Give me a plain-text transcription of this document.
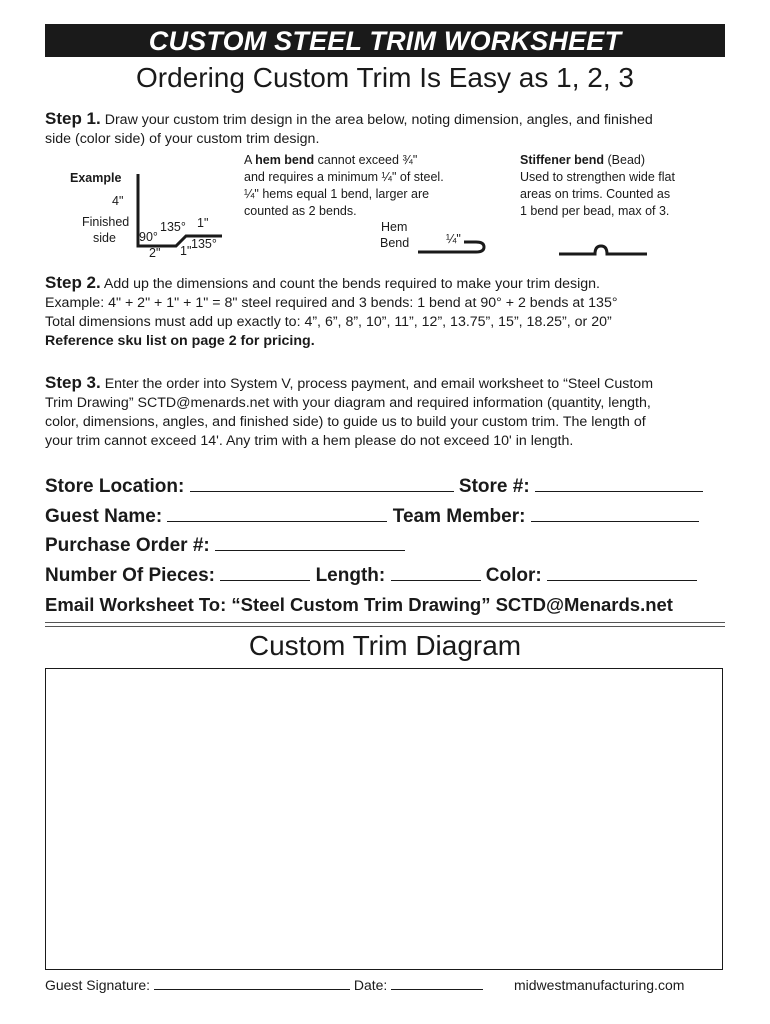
CUSTOM STEEL TRIM WORKSHEET
Ordering Custom Trim Is Easy as 1, 2, 3
Step 1. Draw your custom trim design in the area below, noting dimension, angles, and finished
side (color side) of your custom trim design.
Example
4"
Finished
side 90°
135° 1"
135°
2" 1"
A hem bend cannot exceed ¾"
and requires a minimum ¼" of steel.
¼" hems equal 1 bend, larger are
counted as 2 bends.
Hem
Bend	¼"
Stiffener bend (Bead)
Used to strengthen wide flat
areas on trims. Counted as
1 bend per bead, max of 3.
Step 2. Add up the dimensions and count the bends required to make your trim design.
Example: 4" + 2" + 1" + 1" = 8" steel required and 3 bends: 1 bend at 90° + 2 bends at 135°
Total dimensions must add up exactly to: 4”, 6”, 8”, 10”, 11”, 12”, 13.75”, 15”, 18.25”, or 20”
Reference sku list on page 2 for pricing.
Step 3. Enter the order into System V, process payment, and email worksheet to “Steel Custom
Trim Drawing” SCTD@menards.net with your diagram and required information (quantity, length,
color, dimensions, angles, and finished side) to guide us to build your custom trim. The length of
your trim cannot exceed 14'. Any trim with a hem please do not exceed 10' in length.
Store Location:	Store #:
Guest Name:	Team Member:
Purchase Order #:
Number Of Pieces:	Length:	Color:
Email Worksheet To: “Steel Custom Trim Drawing” SCTD@Menards.net
Custom Trim Diagram
Guest Signature:	Date:	midwestmanufacturing.com
